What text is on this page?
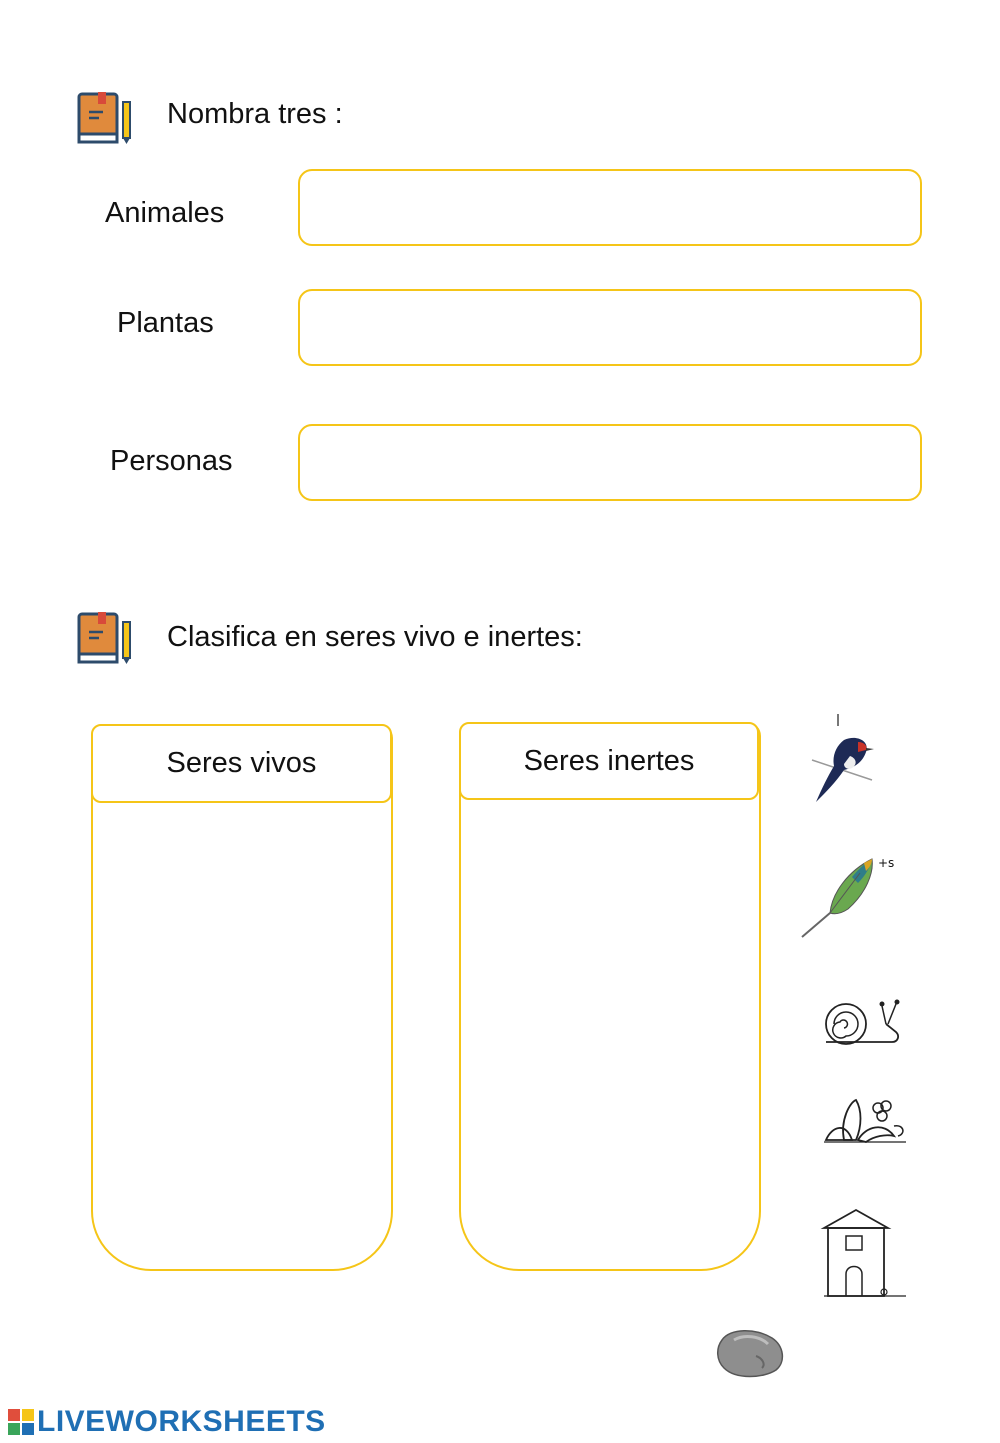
Nombra tres :
Animales
Plantas
Personas
Clasifica en seres vivo e inertes:
Seres vivos	Seres inertes
+s
LIVEWORKSHEETS
